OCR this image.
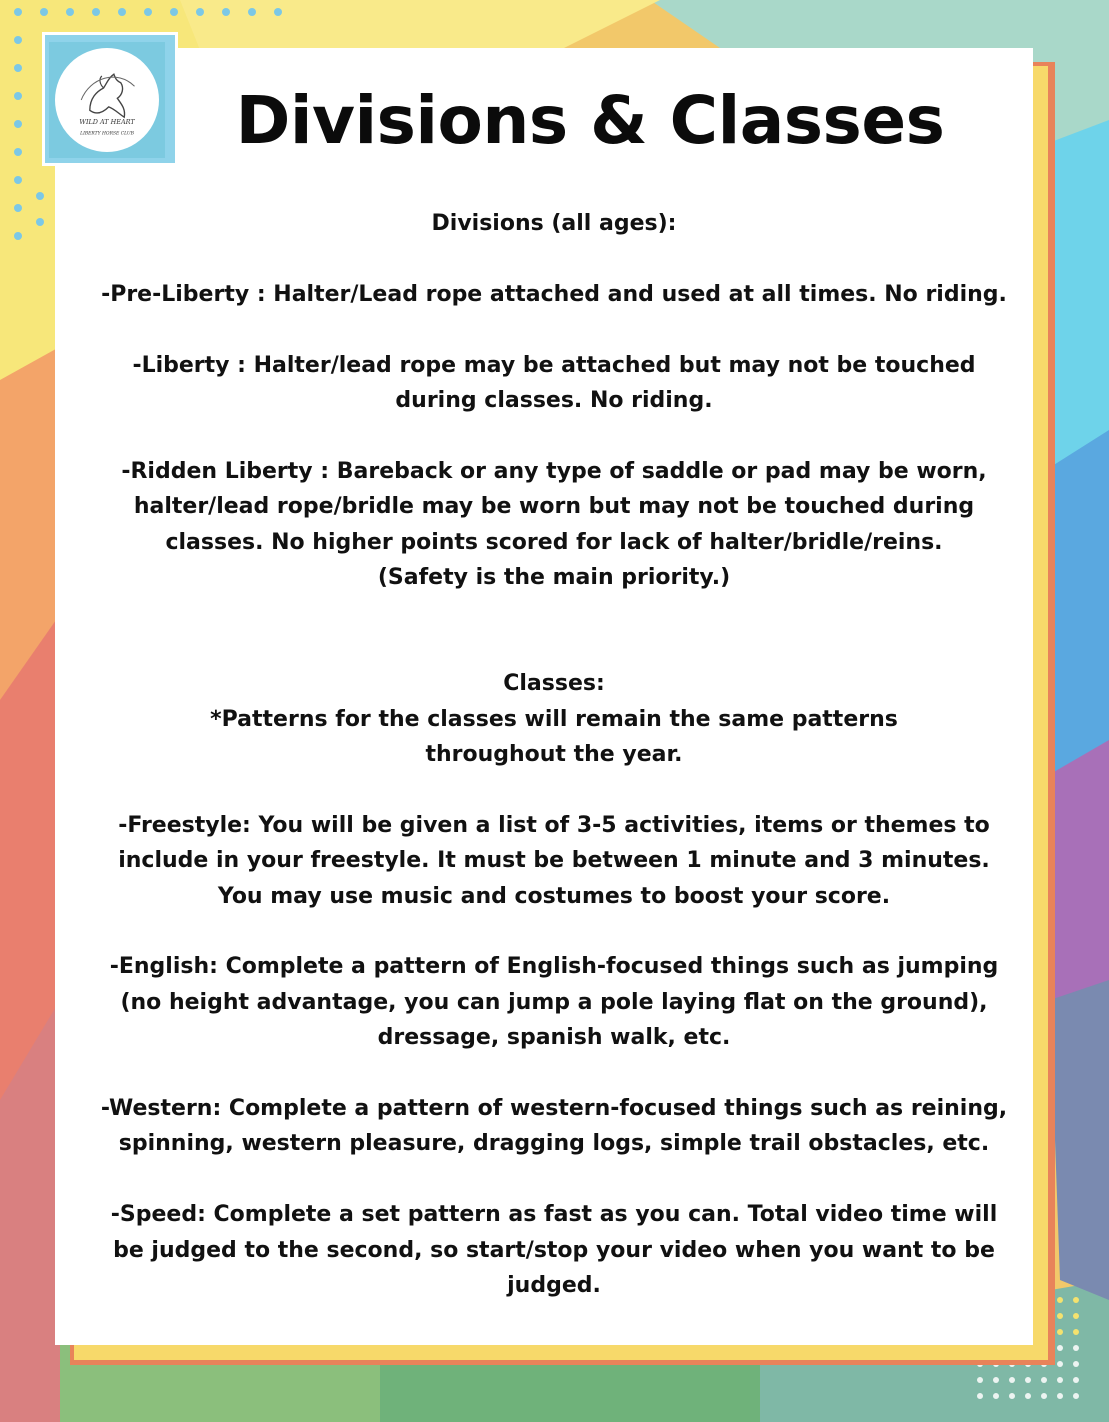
WILD AT HEART
LIBERTY HORSE CLUB	Divisions & Classes

Divisions (all ages):

-Pre-Liberty : Halter/Lead rope attached and used at all times. No riding.

-Liberty : Halter/lead rope may be attached but may not be touched

during classes. No riding.

-Ridden Liberty : Bareback or any type of saddle or pad may be worn,

halter/lead rope/bridle may be worn but may not be touched during

classes. No higher points scored for lack of halter/bridle/reins.

(Safety is the main priority.)

Classes:

*Patterns for the classes will remain the same patterns

throughout the year.

-Freestyle: You will be given a list of 3-5 activities, items or themes to

include in your freestyle. It must be between 1 minute and 3 minutes.

You may use music and costumes to boost your score.

-English: Complete a pattern of English-focused things such as jumping

(no height advantage, you can jump a pole laying flat on the ground),

dressage, spanish walk, etc.

-Western: Complete a pattern of western-focused things such as reining,

spinning, western pleasure, dragging logs, simple trail obstacles, etc.

-Speed: Complete a set pattern as fast as you can. Total video time will

be judged to the second, so start/stop your video when you want to be

judged.
